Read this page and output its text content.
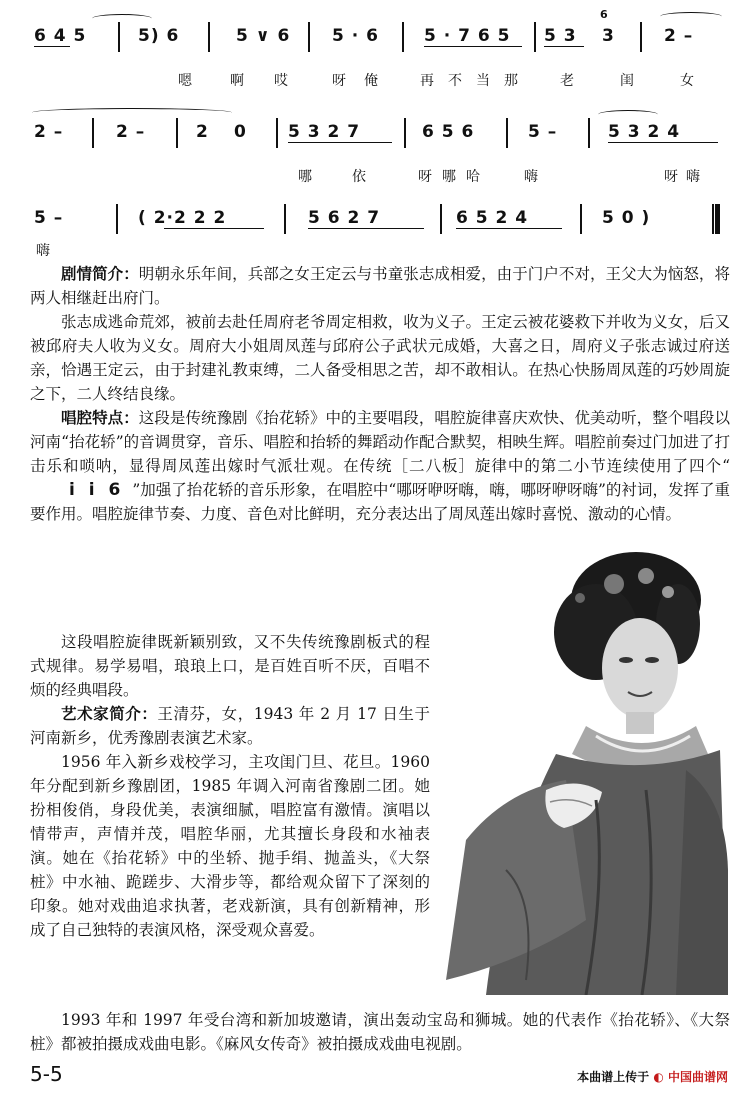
6 4 5	5) 6	5 ∨ 6 5 · 6	5 · 7 6 5 5 3 3
6
2 –
嗯	啊 哎	呀 俺	再 不 当 那	老	闺	女
2 –	2 –	2 0 5 3 2 7	6 5 6	5 –	5 3 2 4
哪	依	呀 哪 哈	嗨	呀 嗨
5 –	( 2·2 2 2	5 6 2 7	6 5 2 4	5 0 )
嗨

剧情简介：明朝永乐年间，兵部之女王定云与书童张志成相爱，由于门户不对，王父大为恼怒，将两人相继赶出府门。

张志成逃命荒郊，被前去赴任周府老爷周定相救，收为义子。王定云被花婆救下并收为义女，后又被邱府夫人收为义女。周府大小姐周凤莲与邱府公子武状元成婚，大喜之日，周府义子张志诚过府送亲，恰遇王定云，由于封建礼教束缚，二人备受相思之苦，却不敢相认。在热心快肠周凤莲的巧妙周旋之下，二人终结良缘。

唱腔特点：这段是传统豫剧《抬花轿》中的主要唱段，唱腔旋律喜庆欢快、优美动听，整个唱段以河南“抬花轿”的音调贯穿，音乐、唱腔和抬轿的舞蹈动作配合默契，相映生辉。唱腔前奏过门加进了打击乐和唢呐，显得周凤莲出嫁时气派壮观。在传统［二八板］旋律中的第二小节连续使用了四个“i i 6 ”加强了抬花轿的音乐形象，在唱腔中“哪呀咿呀嗨，嗨，哪呀咿呀嗨”的衬词，发挥了重要作用。唱腔旋律节奏、力度、音色对比鲜明，充分表达出了周凤莲出嫁时喜悦、激动的心情。

这段唱腔旋律既新颖别致，又不失传统豫剧板式的程式规律。易学易唱，琅琅上口，是百姓百听不厌，百唱不烦的经典唱段。

艺术家简介：王清芬，女，1943 年 2 月 17 日生于河南新乡，优秀豫剧表演艺术家。

1956 年入新乡戏校学习，主攻闺门旦、花旦。1960 年分配到新乡豫剧团，1985 年调入河南省豫剧二团。她扮相俊俏，身段优美，表演细腻，唱腔富有激情。演唱以情带声，声情并茂，唱腔华丽，尤其擅长身段和水袖表演。她在《抬花轿》中的坐轿、抛手绢、抛盖头，《大祭桩》中水袖、跪蹉步、大滑步等，都给观众留下了深刻的印象。她对戏曲追求执著，老戏新演，具有创新精神，形成了自己独特的表演风格，深受观众喜爱。

1993 年和 1997 年受台湾和新加坡邀请，演出轰动宝岛和狮城。她的代表作《抬花轿》、《大祭桩》都被拍摄成戏曲电影。《麻风女传奇》被拍摄成戏曲电视剧。

5-5	本曲谱上传于 ◐ 中国曲谱网
